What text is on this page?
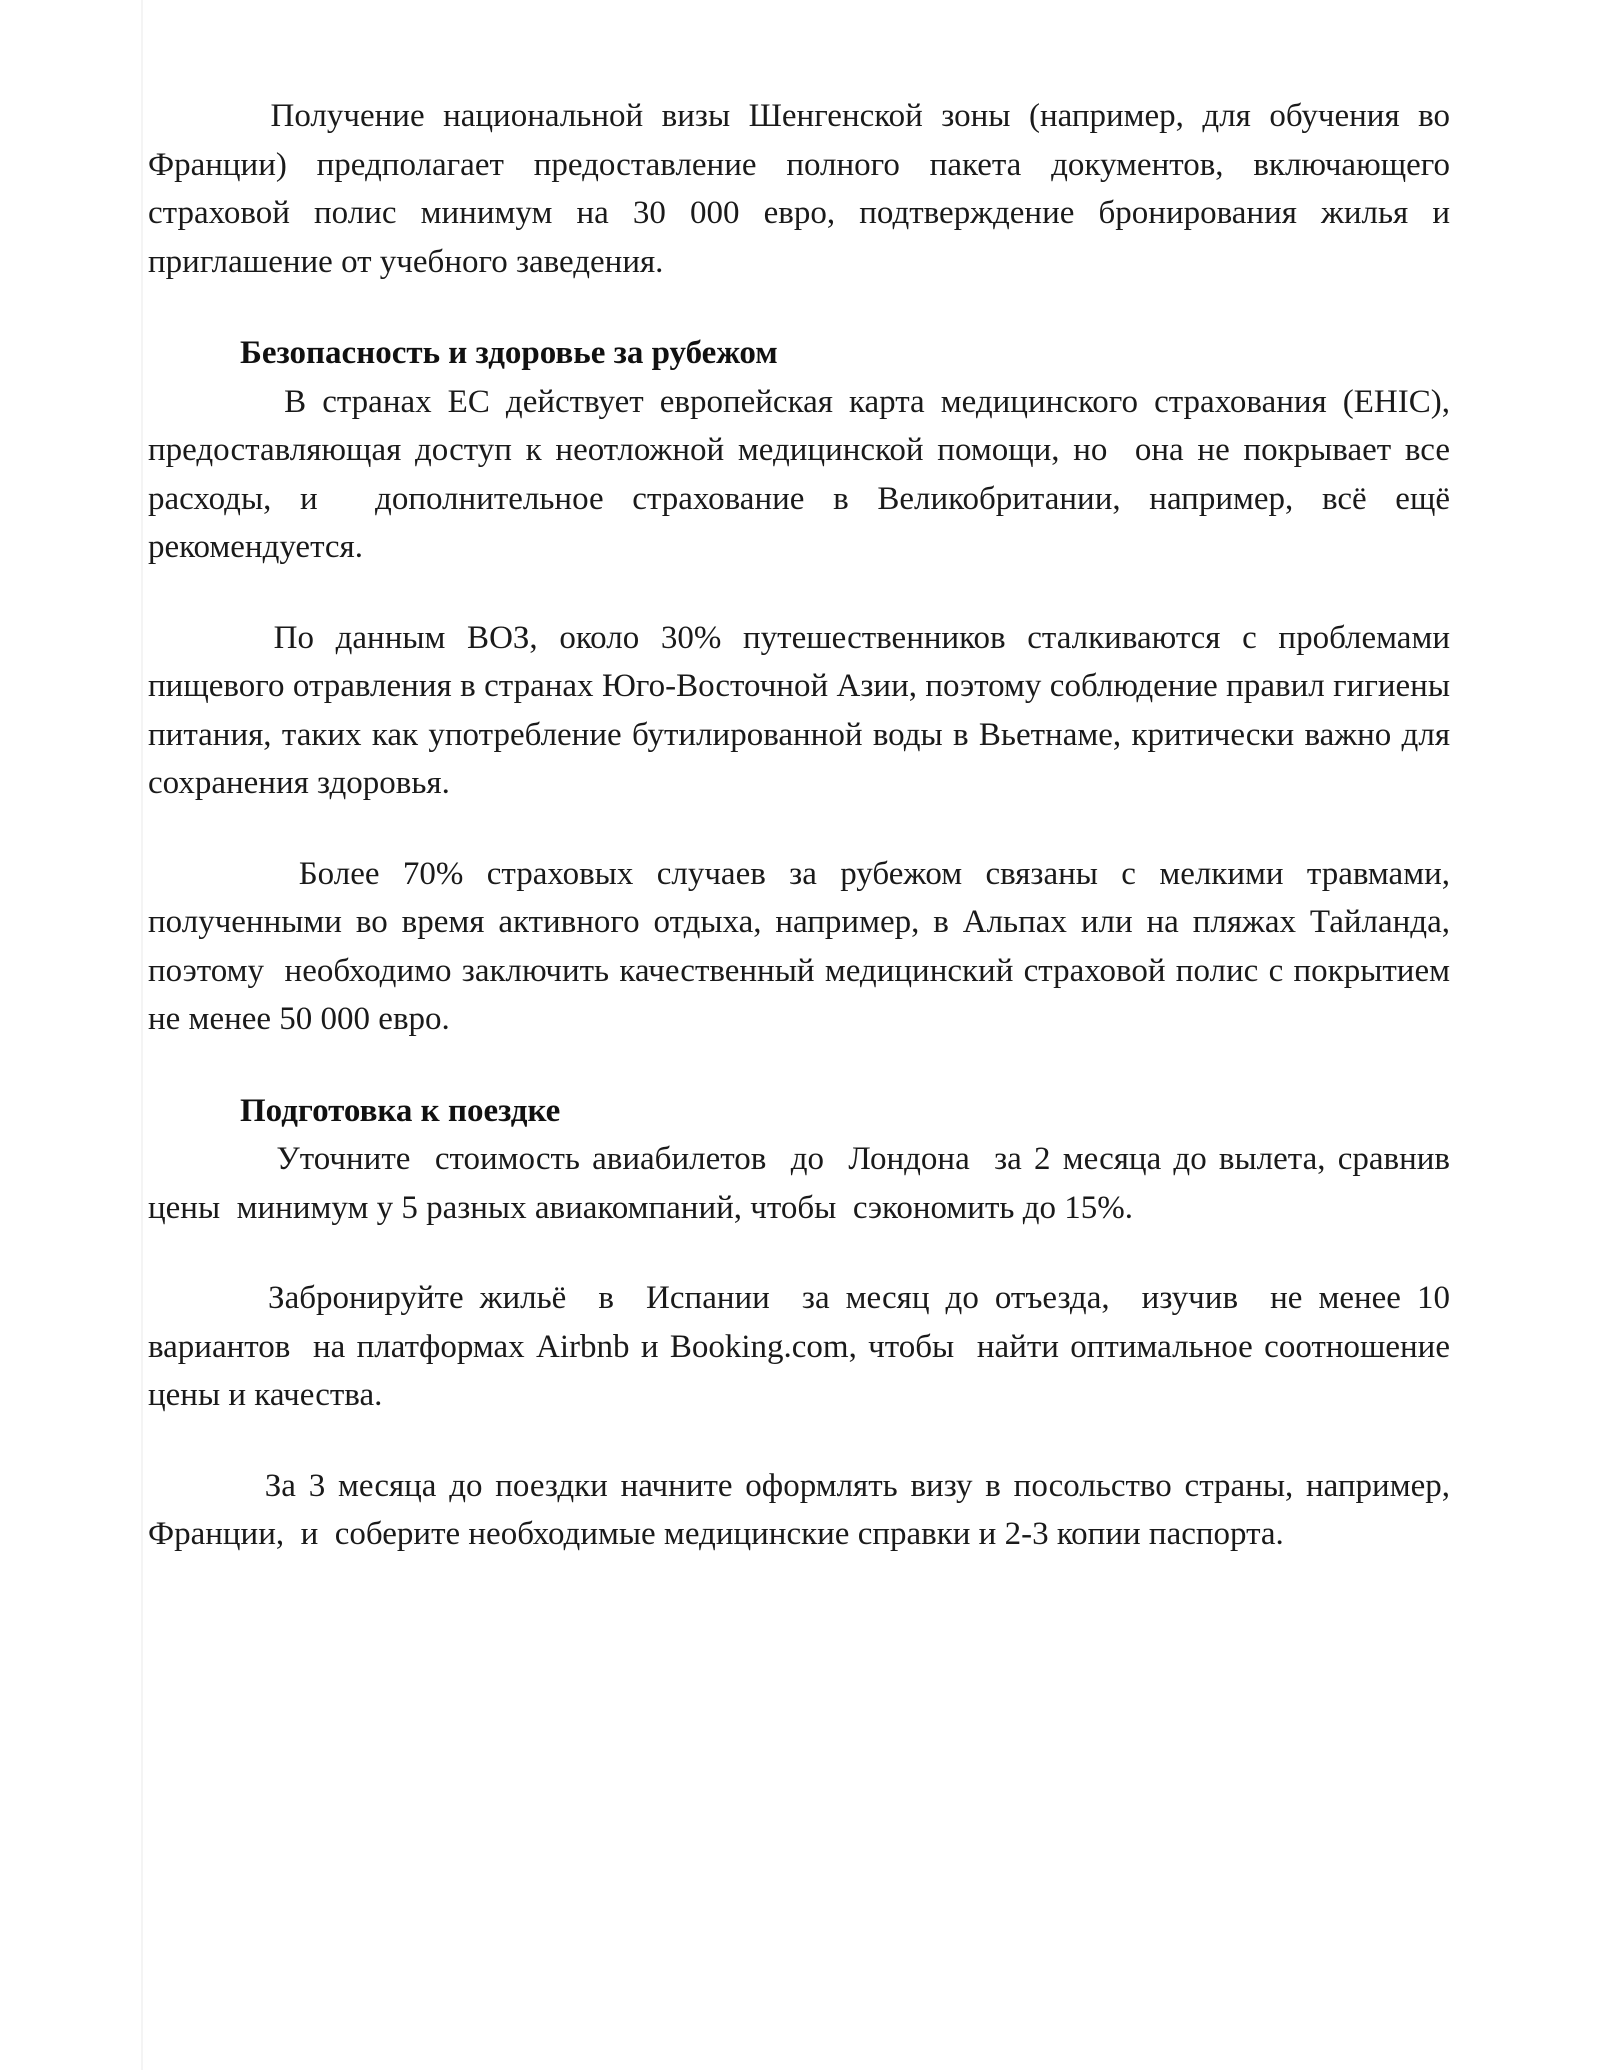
Получение национальной визы Шенгенской зоны (например, для обучения во Франции) предполагает предоставление полного пакета документов, включающего  страховой полис минимум на 30 000 евро, подтверждение бронирования жилья и приглашение от учебного заведения.

Безопасность и здоровье за рубежом

В странах ЕС действует европейская карта медицинского страхования (EHIC),  предоставляющая доступ к неотложной медицинской помощи, но  она не покрывает все расходы, и  дополнительное страхование в Великобритании, например, всё ещё рекомендуется.

По данным ВОЗ, около 30% путешественников сталкиваются с проблемами пищевого отравления в странах Юго-Восточной Азии, поэтому соблюдение правил гигиены питания, таких как употребление бутилированной воды в Вьетнаме, критически важно для сохранения здоровья.

Более 70% страховых случаев за рубежом связаны с мелкими травмами, полученными во время активного отдыха, например, в Альпах или на пляжах Тайланда, поэтому  необходимо заключить качественный медицинский страховой полис с покрытием не менее 50 000 евро.

Подготовка к поездке

Уточните  стоимость авиабилетов  до  Лондона  за 2 месяца до вылета, сравнив цены  минимум у 5 разных авиакомпаний, чтобы  сэкономить до 15%.

Забронируйте жильё  в  Испании  за месяц до отъезда,  изучив  не менее 10 вариантов  на платформах Airbnb и Booking.com, чтобы  найти оптимальное соотношение цены и качества.

За 3 месяца до поездки начните оформлять визу в посольство страны, например, Франции,  и  соберите необходимые медицинские справки и 2-3 копии паспорта.
